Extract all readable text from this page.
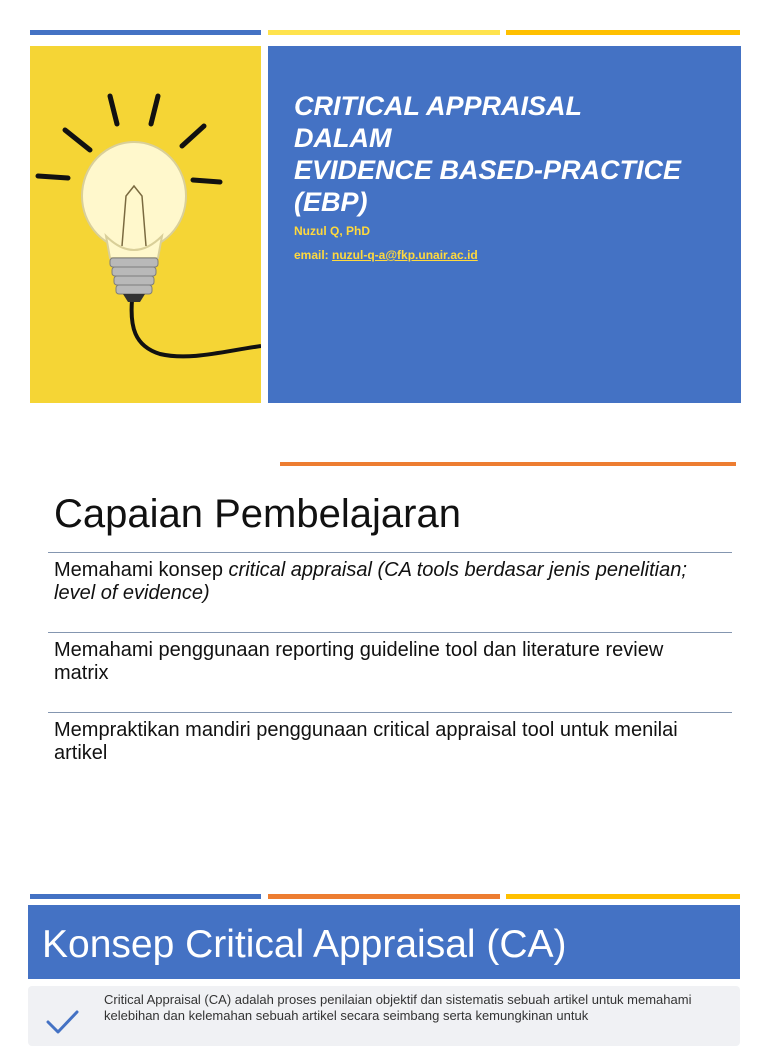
CRITICAL APPRAISAL
DALAM
EVIDENCE BASED-PRACTICE
(EBP)
Nuzul Q, PhD
email: nuzul-q-a@fkp.unair.ac.id
Capaian Pembelajaran
Memahami konsep critical appraisal (CA tools berdasar jenis penelitian; level of evidence)
Memahami penggunaan reporting guideline tool dan literature review matrix
Mempraktikan mandiri penggunaan critical appraisal tool untuk menilai artikel
Konsep Critical Appraisal (CA)
Critical Appraisal (CA) adalah proses penilaian objektif dan sistematis sebuah artikel untuk memahami kelebihan dan kelemahan sebuah artikel secara seimbang serta kemungkinan untuk
